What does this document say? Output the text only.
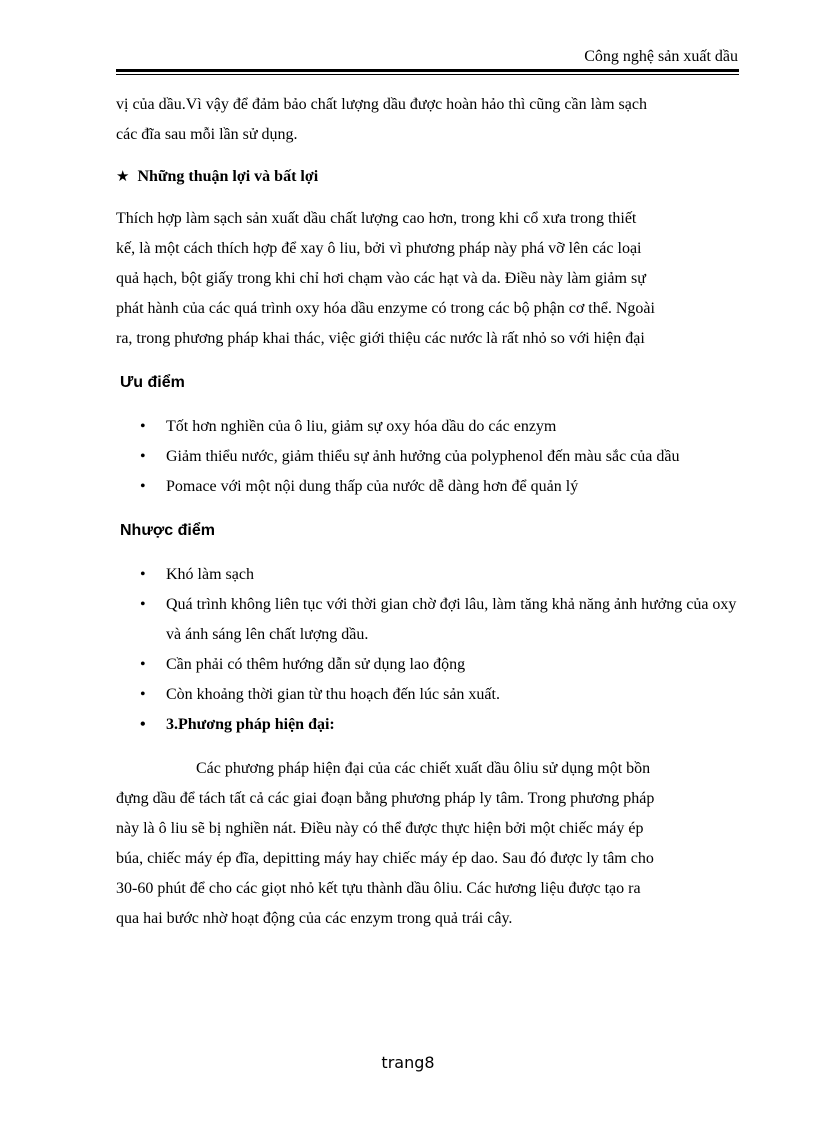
Công nghệ sản xuất dầu

vị của dầu.Vì vậy để đảm bảo chất lượng dầu được hoàn hảo thì cũng cần làm sạch

các đĩa sau mỗi lần sử dụng.

★ Những thuận lợi và bất lợi

Thích hợp làm sạch sản xuất dầu chất lượng cao hơn, trong khi cổ xưa trong thiết

kế, là một cách thích hợp để xay ô liu, bởi vì phương pháp này phá vỡ lên các loại

quả hạch, bột giấy trong khi chỉ hơi chạm vào các hạt và da. Điều này làm giảm sự

phát hành của các quá trình oxy hóa dầu enzyme có trong các bộ phận cơ thể. Ngoài

ra, trong phương pháp khai thác, việc giới thiệu các nước là rất nhỏ so với hiện đại

Ưu điểm

• Tốt hơn nghiền của ô liu, giảm sự oxy hóa dầu do các enzym
• Giảm thiểu nước, giảm thiểu sự ảnh hưởng của polyphenol đến màu sắc của dầu
• Pomace với một nội dung thấp của nước dễ dàng hơn để quản lý

Nhược điểm

• Khó làm sạch
• Quá trình không liên tục với thời gian chờ đợi lâu, làm tăng khả năng ảnh hưởng của oxy và ánh sáng lên chất lượng dầu.
• Cần phải có thêm hướng dẫn sử dụng lao động
• Còn khoảng thời gian từ thu hoạch đến lúc sản xuất.
• 3.Phương pháp hiện đại:

Các phương pháp hiện đại của các chiết xuất dầu ôliu sử dụng một bồn

đựng dầu để tách tất cả các giai đoạn bằng phương pháp ly tâm. Trong phương pháp

này là ô liu sẽ bị nghiền nát. Điều này có thể được thực hiện bởi một chiếc máy ép

búa, chiếc máy ép đĩa, depitting máy hay chiếc máy ép dao. Sau đó được ly tâm cho

30-60 phút để cho các giọt nhỏ kết tựu thành dầu ôliu. Các hương liệu được tạo ra

qua hai bước nhờ hoạt động của các enzym trong quả trái cây.

trang8
